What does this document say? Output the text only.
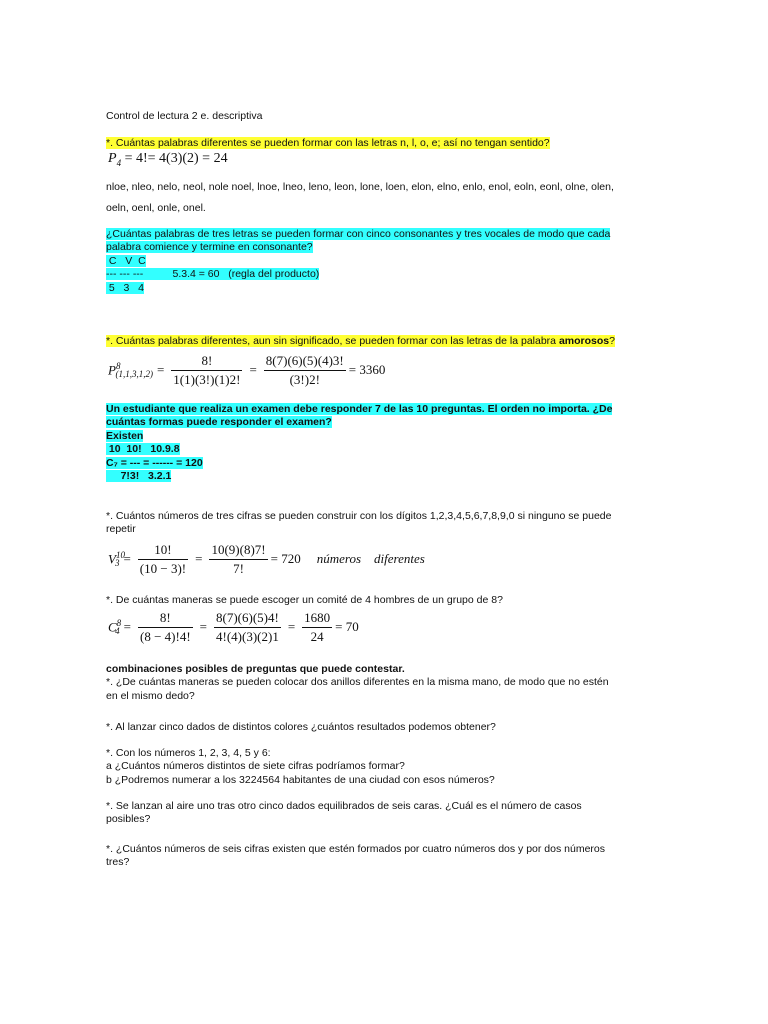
Control de lectura 2 e. descriptiva
*. Cuántas palabras diferentes se pueden formar con las letras n, l, o, e; así no tengan sentido?
$P_4 = 4!= 4(3)(2) = 24$
nloe, nleo, nelo, neol, nole noel, lnoe, lneo, leno, leon, lone, loen, elon, elno, enlo, enol, eoln, eonl, olne, olen,
oeln, oenl, onle, onel.
¿Cuántas palabras de tres letras se pueden formar con cinco consonantes y tres vocales de modo que cada
palabra comience y termine en consonante?
C   V  C
--- --- ---          5.3.4 = 60   (regla del producto)
5   3   4
*. Cuántas palabras diferentes, aun sin significado, se pueden formar con las letras de la palabra amorosos?
$P^8_{(1,1,3,1,2)} = \frac{8!}{1(1)(3!)(1)2!} = \frac{8(7)(6)(5)(4)3!}{(3!)2!} = 3360$
Un estudiante que realiza un examen debe responder 7 de las 10 preguntas. El orden no importa. ¿De
cuántas formas puede responder el examen?
Existen
10  10!   10.9.8
C₇ = --- = ------ = 120
7!3!   3.2.1
*. Cuántos números de tres cifras se pueden construir con los dígitos 1,2,3,4,5,6,7,8,9,0 si ninguno se puede
repetir
$V^{10}_3 = \frac{10!}{(10 - 3)!} = \frac{10(9)(8)7!}{7!} = 720$ números    diferentes
*. De cuántas maneras se puede escoger un comité de 4 hombres de un grupo de 8?
$C^8_4 = \frac{8!}{(8 - 4)!4!} = \frac{8(7)(6)(5)4!}{4!(4)(3)(2)1} = \frac{1680}{24} = 70$
combinaciones posibles de preguntas que puede contestar.
*. ¿De cuántas maneras se pueden colocar dos anillos diferentes en la misma mano, de modo que no estén
en el mismo dedo?
*. Al lanzar cinco dados de distintos colores ¿cuántos resultados podemos obtener?
*. Con los números 1, 2, 3, 4, 5 y 6:
a ¿Cuántos números distintos de siete cifras podríamos formar?
b ¿Podremos numerar a los 3224564 habitantes de una ciudad con esos números?
*. Se lanzan al aire uno tras otro cinco dados equilibrados de seis caras. ¿Cuál es el número de casos
posibles?
*. ¿Cuántos números de seis cifras existen que estén formados por cuatro números dos y por dos números
tres?
